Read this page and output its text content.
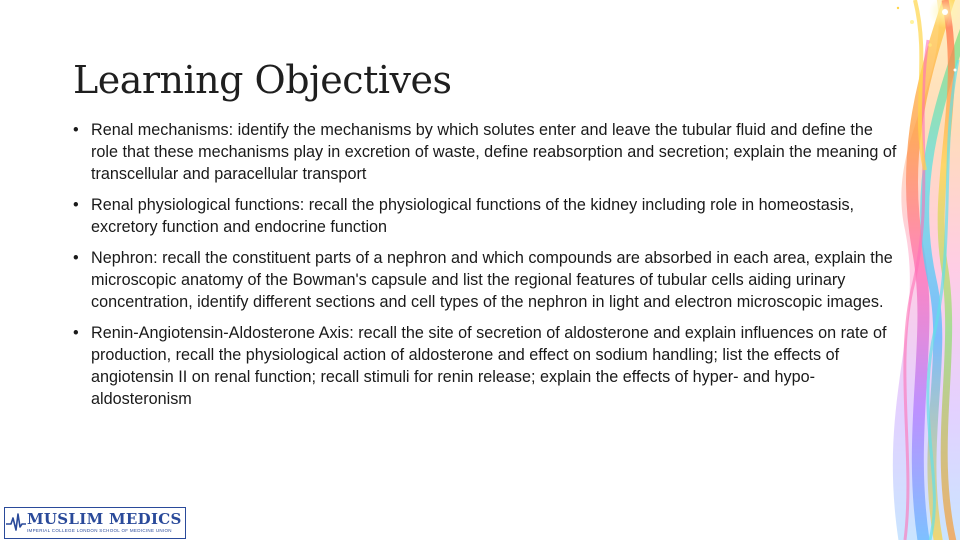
Learning Objectives
• Renal mechanisms: identify the mechanisms by which solutes enter and leave the tubular fluid and define the role that these mechanisms play in excretion of waste, define reabsorption and secretion; explain the meaning of transcellular and paracellular transport
• Renal physiological functions: recall the physiological functions of the kidney including role in homeostasis, excretory function and endocrine function
• Nephron: recall the constituent parts of a nephron and which compounds are absorbed in each area, explain the microscopic anatomy of the Bowman's capsule and list the regional features of tubular cells aiding urinary concentration, identify different sections and cell types of the nephron in light and electron microscopic images.
• Renin-Angiotensin-Aldosterone Axis: recall the site of secretion of aldosterone and explain influences on rate of production, recall the physiological action of aldosterone and effect on sodium handling; list the effects of angiotensin II on renal function; recall stimuli for renin release; explain the effects of hyper- and hypo-aldosteronism
MUSLIM MEDICS
IMPERIAL COLLEGE LONDON SCHOOL OF MEDICINE UNION
